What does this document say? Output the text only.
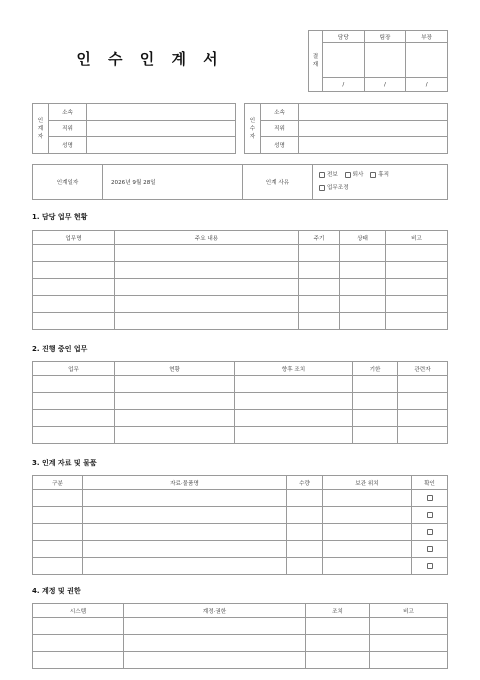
인 수 인 계 서	결
재	담당	팀장	부장

	/	/	/
인
계
자	소속	
	직위	
	성명	
인
수
자	소속	
	직위	
	성명	
인계일자	2026년 9월 28일	인계 사유	전보	퇴사	휴직
업무조정
1. 담당 업무 현황
업무명	주요 내용	주기	상태	비고

2. 진행 중인 업무
업무	현황	향후 조치	기한	관련자

3. 인계 자료 및 물품
구분	자료·물품명	수량	보관 위치	확인

4. 계정 및 권한
시스템	계정·권한	조치	비고
